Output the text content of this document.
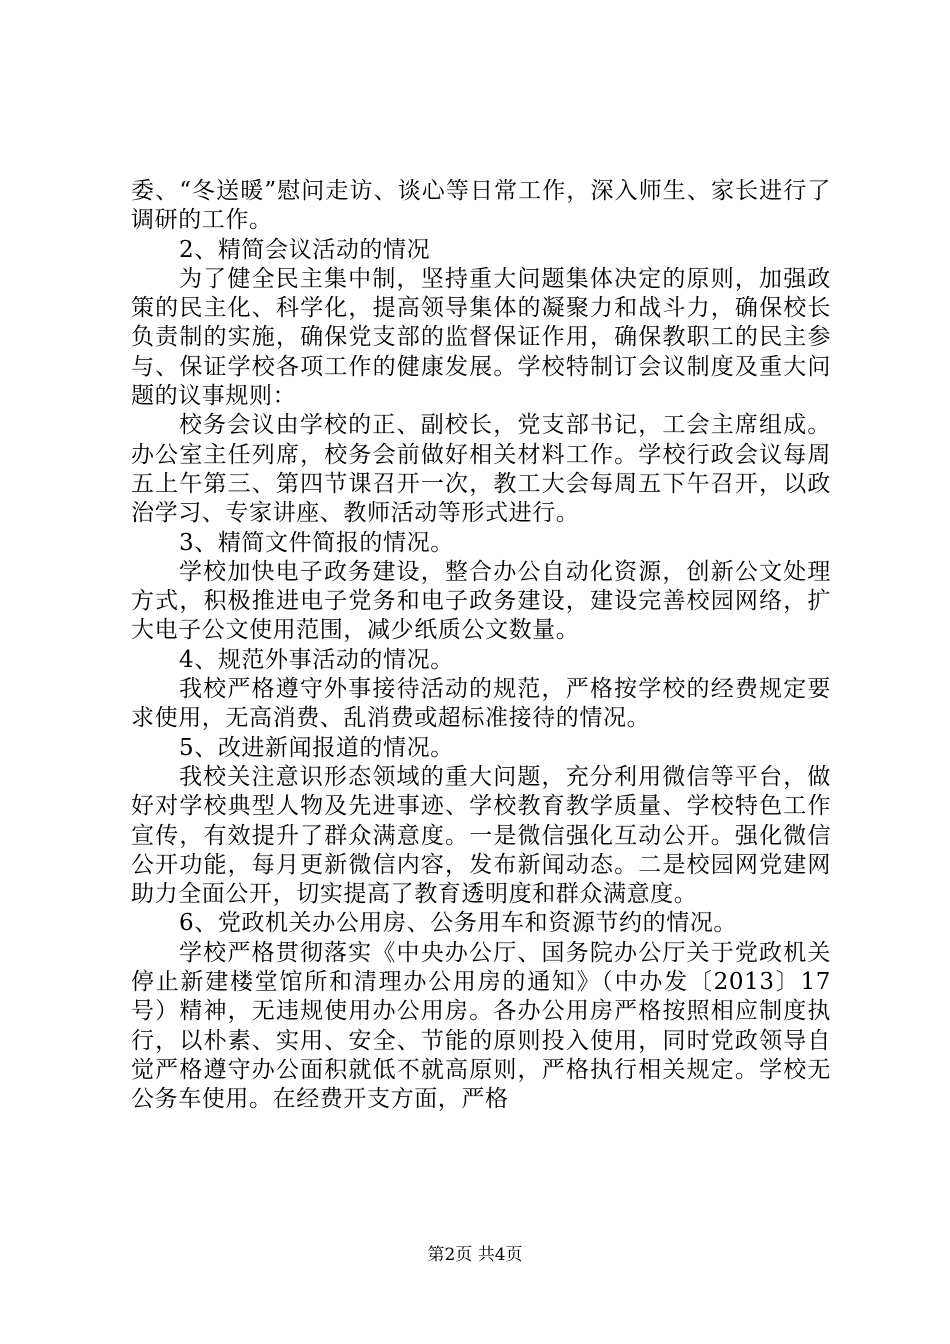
委、“冬送暖”慰问走访、谈心等日常工作，深入师生、家长进行了调研的工作。

2、精简会议活动的情况

为了健全民主集中制，坚持重大问题集体决定的原则，加强政策的民主化、科学化，提高领导集体的凝聚力和战斗力，确保校长负责制的实施，确保党支部的监督保证作用，确保教职工的民主参与、保证学校各项工作的健康发展。学校特制订会议制度及重大问题的议事规则：

校务会议由学校的正、副校长，党支部书记，工会主席组成。办公室主任列席，校务会前做好相关材料工作。学校行政会议每周五上午第三、第四节课召开一次，教工大会每周五下午召开，以政治学习、专家讲座、教师活动等形式进行。

3、精简文件简报的情况。

学校加快电子政务建设，整合办公自动化资源，创新公文处理方式，积极推进电子党务和电子政务建设，建设完善校园网络，扩大电子公文使用范围，减少纸质公文数量。

4、规范外事活动的情况。

我校严格遵守外事接待活动的规范，严格按学校的经费规定要求使用，无高消费、乱消费或超标准接待的情况。

5、改进新闻报道的情况。

我校关注意识形态领域的重大问题，充分利用微信等平台，做好对学校典型人物及先进事迹、学校教育教学质量、学校特色工作宣传，有效提升了群众满意度。一是微信强化互动公开。强化微信公开功能，每月更新微信内容，发布新闻动态。二是校园网党建网助力全面公开，切实提高了教育透明度和群众满意度。

6、党政机关办公用房、公务用车和资源节约的情况。

学校严格贯彻落实《中央办公厅、国务院办公厅关于党政机关停止新建楼堂馆所和清理办公用房的通知》（中办发〔2013〕17号）精神，无违规使用办公用房。各办公用房严格按照相应制度执行，以朴素、实用、安全、节能的原则投入使用，同时党政领导自觉严格遵守办公面积就低不就高原则，严格执行相关规定。学校无公务车使用。在经费开支方面，严格

第2页 共4页
